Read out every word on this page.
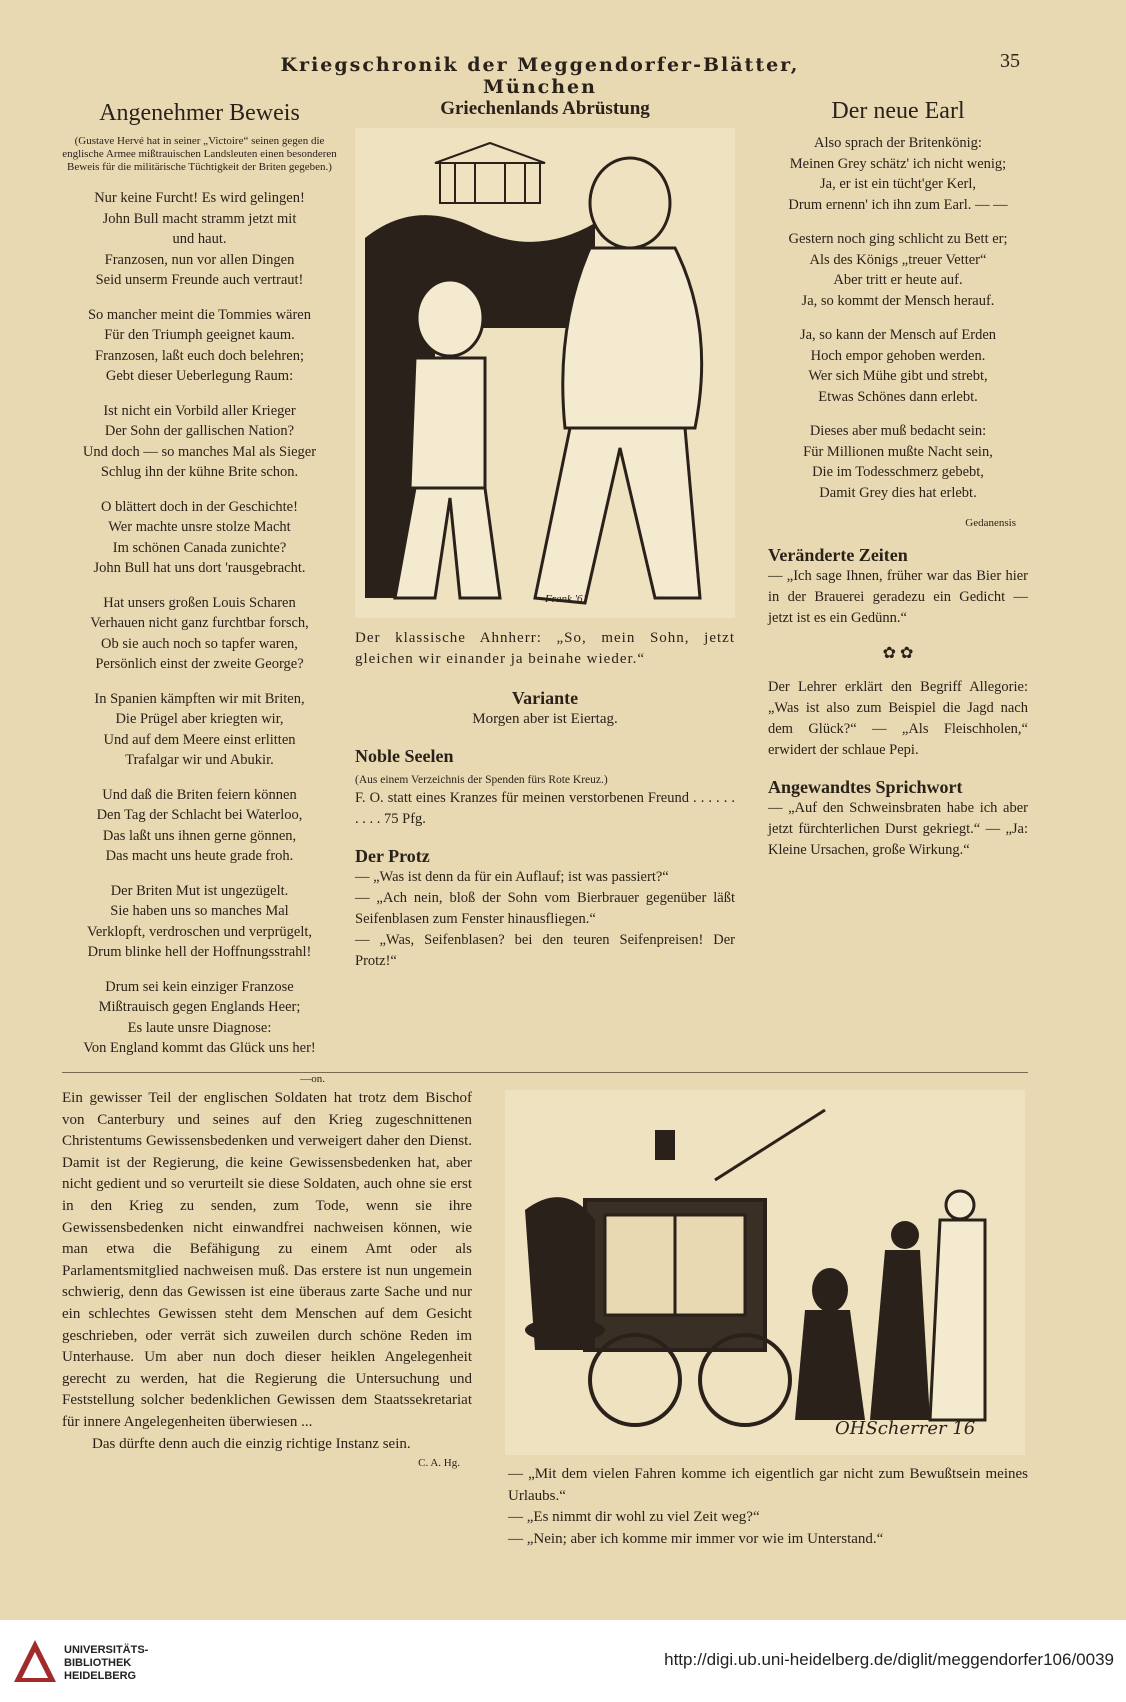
Kriegschronik der Meggendorfer-Blätter, München
35
Angenehmer Beweis
(Gustave Hervé hat in seiner „Victoire“ seinen gegen die englische Armee mißtrauischen Landsleuten einen besonderen Beweis für die militärische Tüchtigkeit der Briten gegeben.)

Nur keine Furcht! Es wird gelingen!
John Bull macht stramm jetzt mit
und haut.
Franzosen, nun vor allen Dingen
Seid unserm Freunde auch vertraut!

So mancher meint die Tommies wären
Für den Triumph geeignet kaum.
Franzosen, laßt euch doch belehren;
Gebt dieser Ueberlegung Raum:

Ist nicht ein Vorbild aller Krieger
Der Sohn der gallischen Nation?
Und doch — so manches Mal als Sieger
Schlug ihn der kühne Brite schon.

O blättert doch in der Geschichte!
Wer machte unsre stolze Macht
Im schönen Canada zunichte?
John Bull hat uns dort 'rausgebracht.

Hat unsers großen Louis Scharen
Verhauen nicht ganz furchtbar forsch,
Ob sie auch noch so tapfer waren,
Persönlich einst der zweite George?

In Spanien kämpften wir mit Briten,
Die Prügel aber kriegten wir,
Und auf dem Meere einst erlitten
Trafalgar wir und Abukir.

Und daß die Briten feiern können
Den Tag der Schlacht bei Waterloo,
Das laßt uns ihnen gerne gönnen,
Das macht uns heute grade froh.

Der Briten Mut ist ungezügelt.
Sie haben uns so manches Mal
Verklopft, verdroschen und verprügelt,
Drum blinke hell der Hoffnungsstrahl!

Drum sei kein einziger Franzose
Mißtrauisch gegen Englands Heer;
Es laute unsre Diagnose:
Von England kommt das Glück uns her!

—on.
Griechenlands Abrüstung
Frank '61
Der klassische Ahnherr: „So, mein Sohn, jetzt gleichen wir einander ja beinahe wieder.“
Variante
Morgen aber ist Eiertag.
Noble Seelen
(Aus einem Verzeichnis der Spenden fürs Rote Kreuz.)
F. O. statt eines Kranzes für meinen verstorbenen Freund . . . . . . . . . . 75 Pfg.
Der Protz
— „Was ist denn da für ein Auflauf; ist was passiert?“
— „Ach nein, bloß der Sohn vom Bierbrauer gegenüber läßt Seifenblasen zum Fenster hinausfliegen.“
— „Was, Seifenblasen? bei den teuren Seifenpreisen! Der Protz!“
Der neue Earl

Also sprach der Britenkönig:
Meinen Grey schätz' ich nicht wenig;
Ja, er ist ein tücht'ger Kerl,
Drum ernenn' ich ihn zum Earl. — —

Gestern noch ging schlicht zu Bett er;
Als des Königs „treuer Vetter“
Aber tritt er heute auf.
Ja, so kommt der Mensch herauf.

Ja, so kann der Mensch auf Erden
Hoch empor gehoben werden.
Wer sich Mühe gibt und strebt,
Etwas Schönes dann erlebt.

Dieses aber muß bedacht sein:
Für Millionen mußte Nacht sein,
Die im Todesschmerz gebebt,
Damit Grey dies hat erlebt.

Gedanensis
Veränderte Zeiten
— „Ich sage Ihnen, früher war das Bier hier in der Brauerei geradezu ein Gedicht — jetzt ist es ein Gedünn.“
✿ ✿
Der Lehrer erklärt den Begriff Allegorie: „Was ist also zum Beispiel die Jagd nach dem Glück?“ — „Als Fleischholen,“ erwidert der schlaue Pepi.
Angewandtes Sprichwort
— „Auf den Schweinsbraten habe ich aber jetzt fürchterlichen Durst gekriegt.“ — „Ja: Kleine Ursachen, große Wirkung.“
Ein gewisser Teil der englischen Soldaten hat trotz dem Bischof von Canterbury und seines auf den Krieg zugeschnittenen Christentums Gewissensbedenken und verweigert daher den Dienst. Damit ist der Regierung, die keine Gewissensbedenken hat, aber nicht gedient und so verurteilt sie diese Soldaten, auch ohne sie erst in den Krieg zu senden, zum Tode, wenn sie ihre Gewissensbedenken nicht einwandfrei nachweisen können, wie man etwa die Befähigung zu einem Amt oder als Parlamentsmitglied nachweisen muß. Das erstere ist nun ungemein schwierig, denn das Gewissen ist eine überaus zarte Sache und nur ein schlechtes Gewissen steht dem Menschen auf dem Gesicht geschrieben, oder verrät sich zuweilen durch schöne Reden im Unterhause. Um aber nun doch dieser heiklen Angelegenheit gerecht zu werden, hat die Regierung die Untersuchung und Feststellung solcher bedenklichen Gewissen dem Staatssekretariat für innere Angelegenheiten überwiesen ...
Das dürfte denn auch die einzig richtige Instanz sein.
C. A. Hg.
OHScherrer 16
— „Mit dem vielen Fahren komme ich eigentlich gar nicht zum Bewußtsein meines Urlaubs.“
— „Es nimmt dir wohl zu viel Zeit weg?“
— „Nein; aber ich komme mir immer vor wie im Unterstand.“
UNIVERSITÄTS-
BIBLIOTHEK
HEIDELBERG
http://digi.ub.uni-heidelberg.de/diglit/meggendorfer106/0039
